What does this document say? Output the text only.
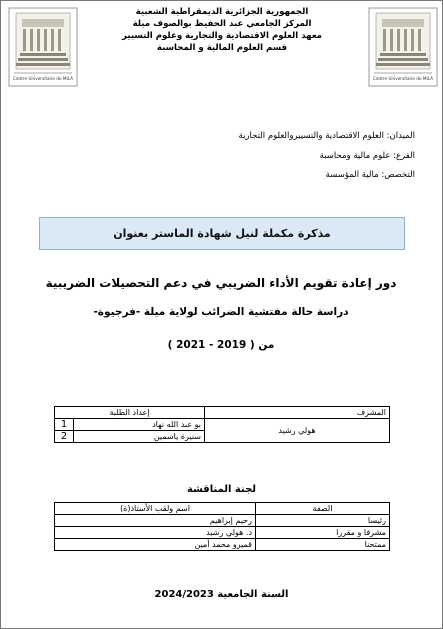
Centre Universitaire de MILA	Centre Universitaire de MILA
الجمهورية الجزائرية الديمقراطية الشعبية
المركز الجامعي عبد الحفيظ بوالصوف ميلة
معهد العلوم الاقتصادية والتجارية وعلوم التسيير
قسم العلوم المالية و المحاسبة
الميدان: العلوم الاقتصادية والتسييروالعلوم التجارية
الفرع: علوم مالية ومحاسبة
التخصص: مالية المؤسسة
مذكرة مكملة لنيل شهادة الماستر بعنوان
دور إعادة تقويم الأداء الضريبي في دعم التحصيلات الضريبية
دراسة حالة مفتشية الضرائب لولاية ميلة -فرجيوة-
من ( 2019 - 2021 )
إعداد الطلبة		المشرف
1	بو عبد الله نهاد	هولي رشيد
2	سنيرة ياسمين	
لجنة المناقشة
اسم ولقب الأستاذ(ة)	الصفة
رحيم إبراهيم	رئيسا
د. هولي رشيد	مشرفا و مقررا
قميرو محمد أمين	ممتحنا
السنة الجامعية 2024/2023
